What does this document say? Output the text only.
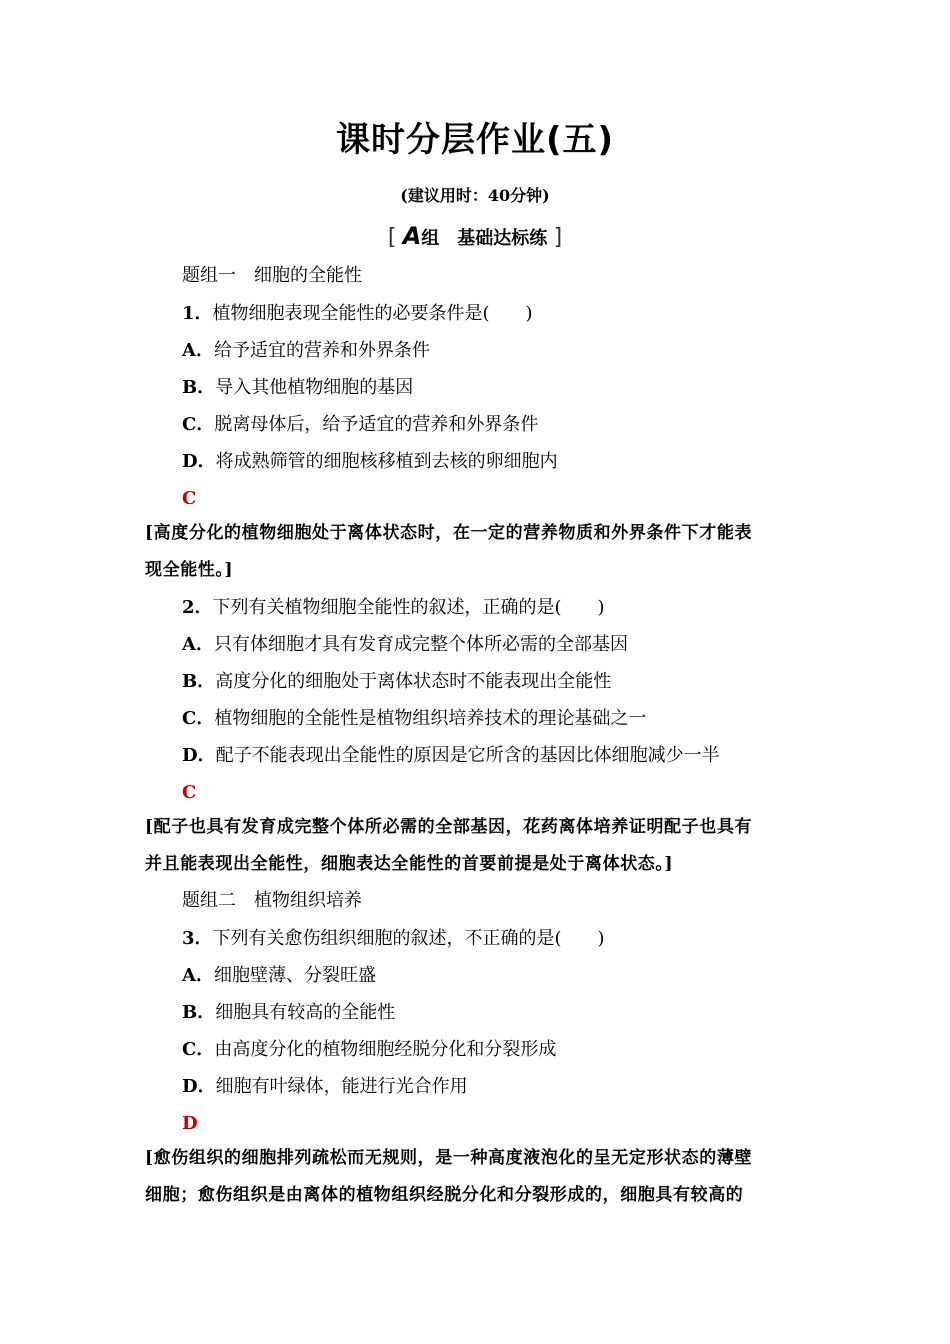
课时分层作业(五)
(建议用时：40分钟)
[ A组　基础达标练 ]
题组一　细胞的全能性
1．植物细胞表现全能性的必要条件是(　　)
A．给予适宜的营养和外界条件
B．导入其他植物细胞的基因
C．脱离母体后，给予适宜的营养和外界条件
D．将成熟筛管的细胞核移植到去核的卵细胞内
C
[高度分化的植物细胞处于离体状态时，在一定的营养物质和外界条件下才能表
现全能性。]
2．下列有关植物细胞全能性的叙述，正确的是(　　)
A．只有体细胞才具有发育成完整个体所必需的全部基因
B．高度分化的细胞处于离体状态时不能表现出全能性
C．植物细胞的全能性是植物组织培养技术的理论基础之一
D．配子不能表现出全能性的原因是它所含的基因比体细胞减少一半
C
[配子也具有发育成完整个体所必需的全部基因，花药离体培养证明配子也具有
并且能表现出全能性，细胞表达全能性的首要前提是处于离体状态。]
题组二　植物组织培养
3．下列有关愈伤组织细胞的叙述，不正确的是(　　)
A．细胞壁薄、分裂旺盛
B．细胞具有较高的全能性
C．由高度分化的植物细胞经脱分化和分裂形成
D．细胞有叶绿体，能进行光合作用
D
[愈伤组织的细胞排列疏松而无规则，是一种高度液泡化的呈无定形状态的薄壁
细胞；愈伤组织是由离体的植物组织经脱分化和分裂形成的，细胞具有较高的
